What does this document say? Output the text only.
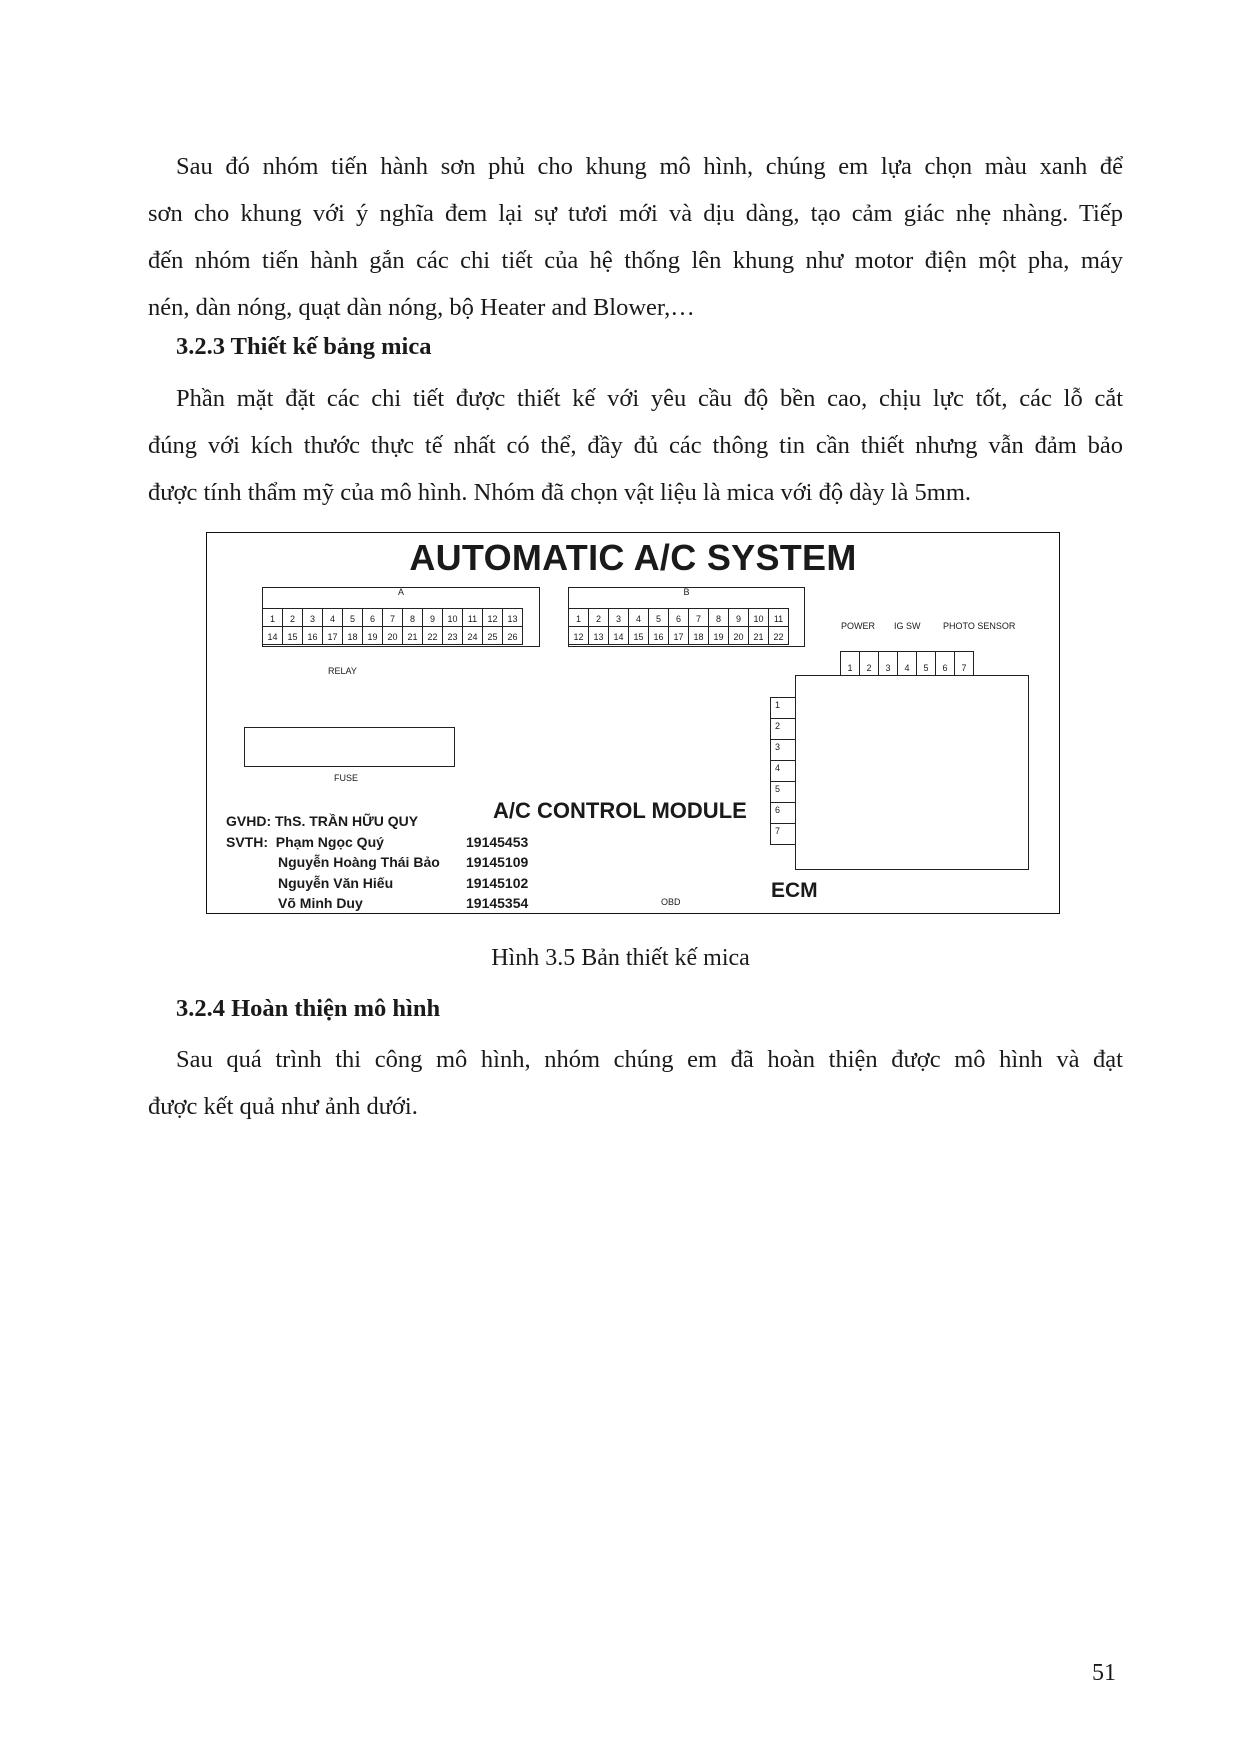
Sau đó nhóm tiến hành sơn phủ cho khung mô hình, chúng em lựa chọn màu xanh để
sơn cho khung với ý nghĩa đem lại sự tươi mới và dịu dàng, tạo cảm giác nhẹ nhàng. Tiếp
đến nhóm tiến hành gắn các chi tiết của hệ thống lên khung như motor điện một pha, máy
nén, dàn nóng, quạt dàn nóng, bộ Heater and Blower,…
3.2.3 Thiết kế bảng mica
Phần mặt đặt các chi tiết được thiết kế với yêu cầu độ bền cao, chịu lực tốt, các lỗ cắt
đúng với kích thước thực tế nhất có thể, đầy đủ các thông tin cần thiết nhưng vẫn đảm bảo
được tính thẩm mỹ của mô hình. Nhóm đã chọn vật liệu là mica với độ dày là 5mm.
AUTOMATIC A/C SYSTEM
A
1	2	3	4	5	6	7	8	9	10	11	12	13
14	15	16	17	18	19	20	21	22	23	24	25	26
RELAY
B
1	2	3	4	5	6	7	8	9	10	11
12	13	14	15	16	17	18	19	20	21	22
POWER IG SW	PHOTO SENSOR
1	2	3	4	5	6	7
FUSE
1
2
3
4
5
6
7
ECM
A/C CONTROL MODULE
OBD
GVHD: ThS. TRẦN HỮU QUY
SVTH: Phạm Ngọc Quý	19145453
Nguyễn Hoàng Thái Bảo	19145109
Nguyễn Văn Hiếu	19145102
Võ Minh Duy	19145354
Hình 3.5 Bản thiết kế mica
3.2.4 Hoàn thiện mô hình
Sau quá trình thi công mô hình, nhóm chúng em đã hoàn thiện được mô hình và đạt
được kết quả như ảnh dưới.
51
